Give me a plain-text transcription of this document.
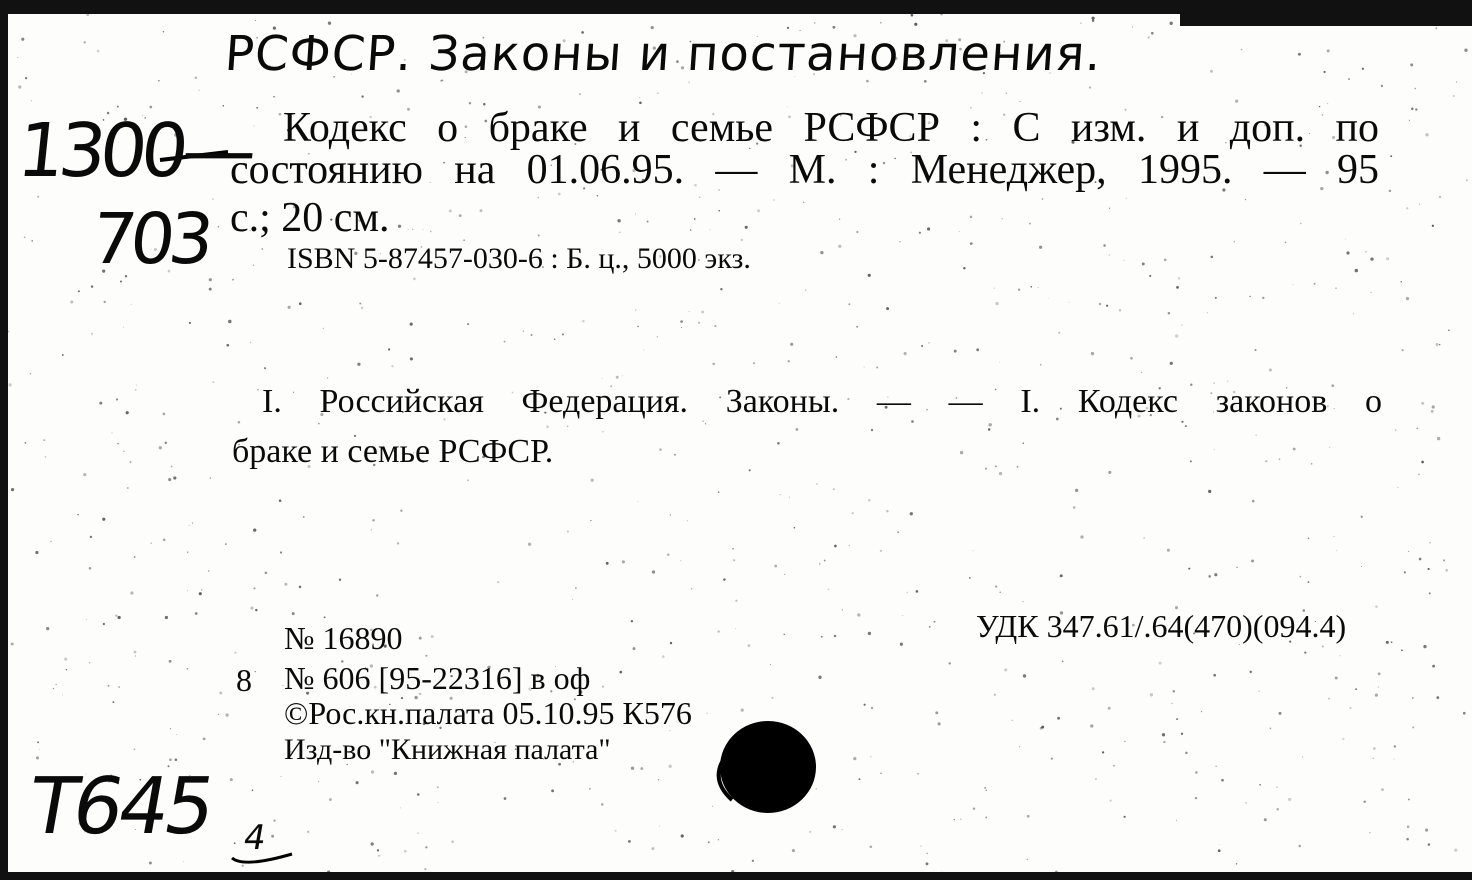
РСФСР. Законы и постановления.
1300—
703
Кодекс о браке и семье РСФСР : С изм. и доп. по
состоянию на 01.06.95. — М. : Менеджер, 1995. — 95
с.; 20 см.
ISBN 5-87457-030-6 : Б. ц., 5000 экз.
I. Российская Федерация. Законы. — — I. Кодекс законов о
браке и семье РСФСР.
№ 16890	УДК 347.61/.64(470)(094.4)
8 № 606 [95-22316] в оф
©Рос.кн.палата 05.10.95 К576
Изд-во "Книжная палата"
Т645 4
